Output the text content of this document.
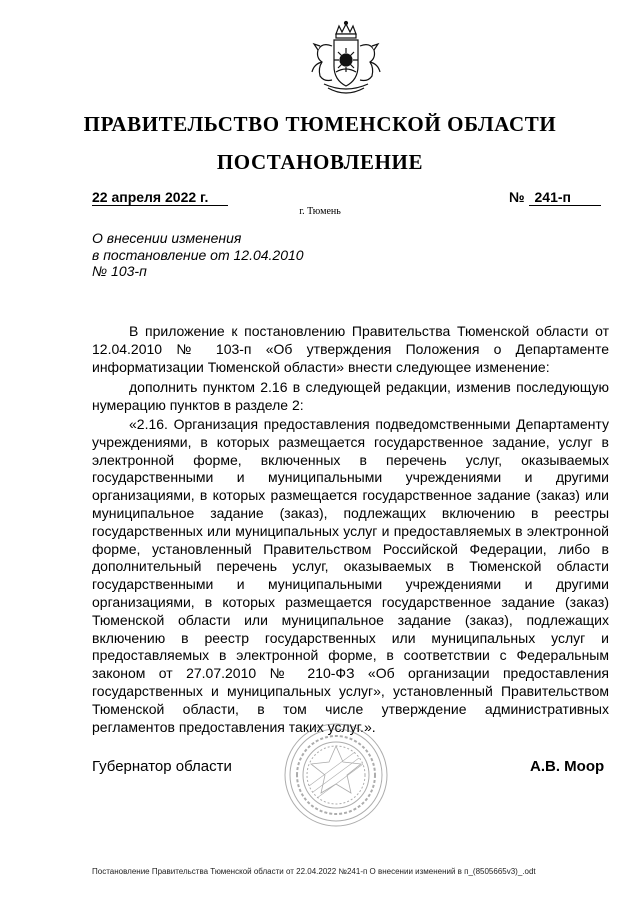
ПРАВИТЕЛЬСТВО ТЮМЕНСКОЙ ОБЛАСТИ
ПОСТАНОВЛЕНИЕ
22 апреля 2022 г.	№ 241-п
г. Тюмень
О внесении изменения
в постановление от 12.04.2010
№ 103-п
В приложение к постановлению Правительства Тюменской области от
12.04.2010 № 103-п «Об утверждения Положения о Департаменте
информатизации Тюменской области» внести следующее изменение:
дополнить пунктом 2.16 в следующей редакции, изменив последующую
нумерацию пунктов в разделе 2:
«2.16. Организация предоставления подведомственными Департаменту
учреждениями, в которых размещается государственное задание, услуг в
электронной форме, включенных в перечень услуг, оказываемых
государственными и муниципальными учреждениями и другими
организациями, в которых размещается государственное задание (заказ) или
муниципальное задание (заказ), подлежащих включению в реестры
государственных или муниципальных услуг и предоставляемых в электронной
форме, установленный Правительством Российской Федерации, либо в
дополнительный перечень услуг, оказываемых в Тюменской области
государственными и муниципальными учреждениями и другими
организациями, в которых размещается государственное задание (заказ)
Тюменской области или муниципальное задание (заказ), подлежащих
включению в реестр государственных или муниципальных услуг и
предоставляемых в электронной форме, в соответствии с Федеральным
законом от 27.07.2010 № 210-ФЗ «Об организации предоставления
государственных и муниципальных услуг», установленный Правительством
Тюменской области, в том числе утверждение административных
регламентов предоставления таких услуг.».
Губернатор области	А.В. Моор
Постановление Правительства Тюменской области от 22.04.2022 №241-п О внесении изменений в п_(8505665v3)_.odt
